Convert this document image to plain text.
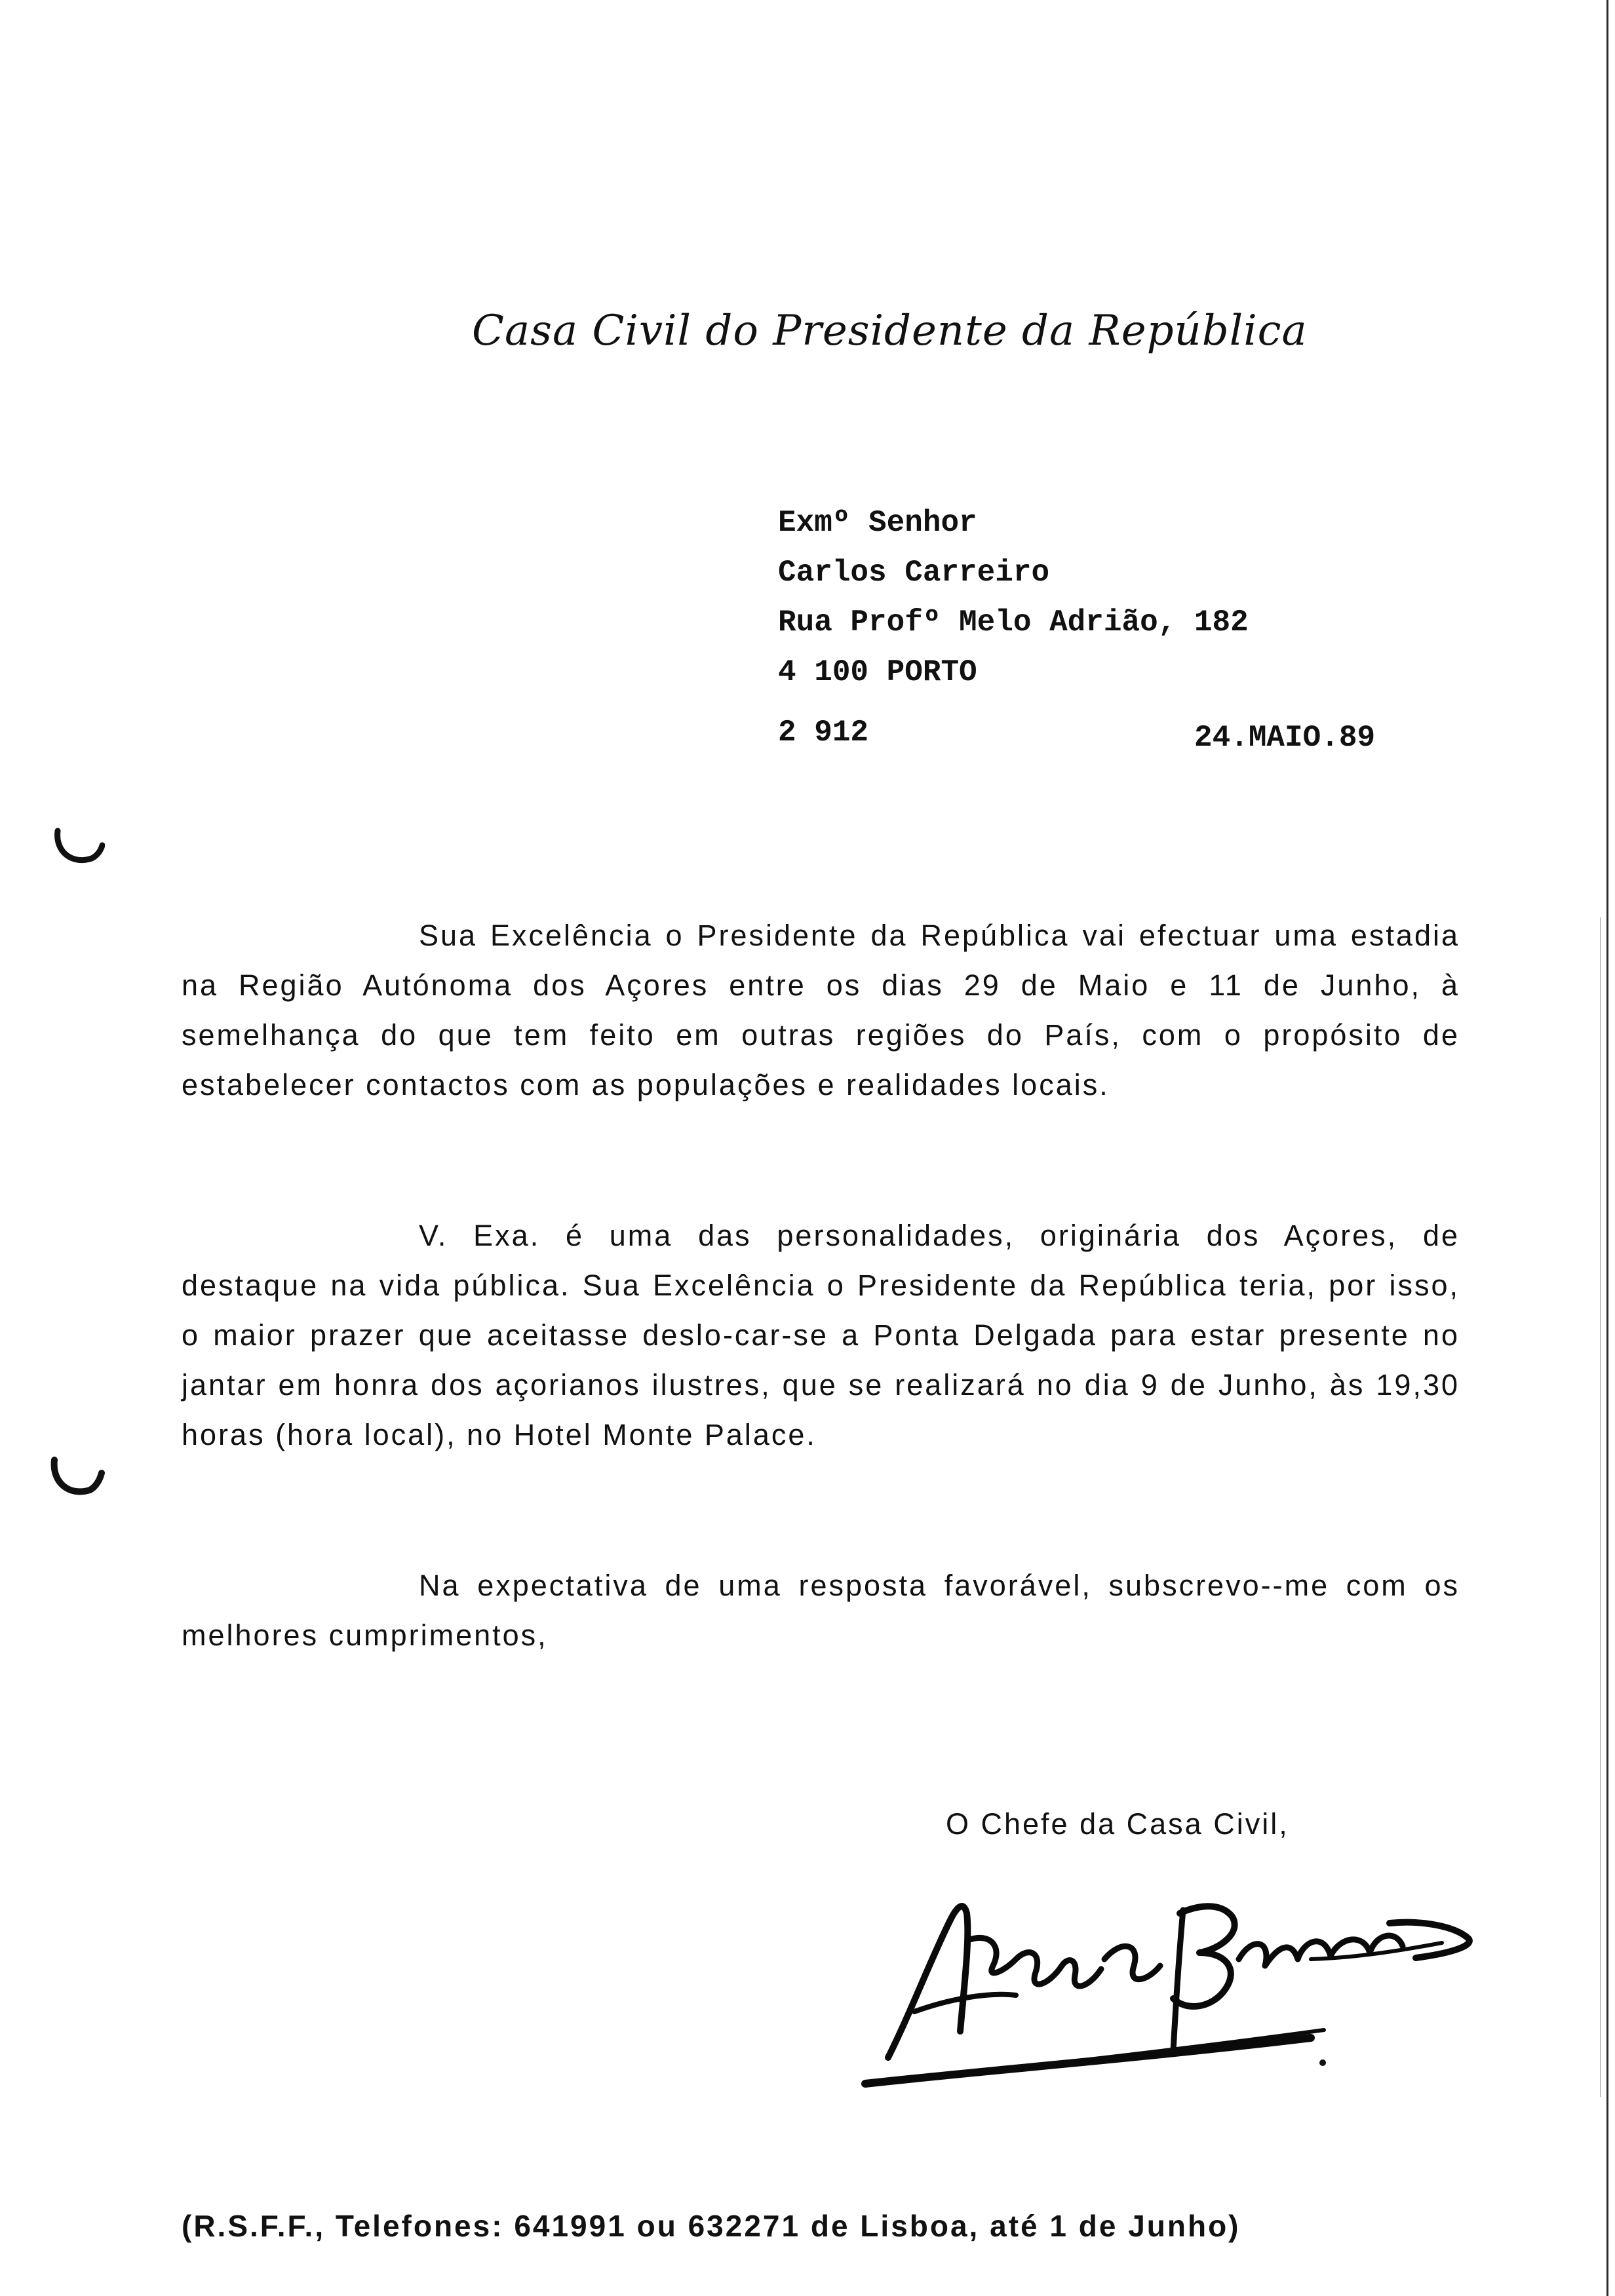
Casa Civil do Presidente da República
Exmº Senhor
Carlos Carreiro
Rua Profº Melo Adrião, 182
4 100 PORTO
2 912	24.MAIO.89
Sua Excelência o Presidente da República vai efectuar uma estadia na Região Autónoma dos Açores entre os dias 29 de Maio e 11 de Junho, à semelhança do que tem feito em outras regiões do País, com o propósito de estabelecer contactos com as populações e realidades locais.
V. Exa. é uma das personalidades, originária dos Açores, de destaque na vida pública. Sua Excelência o Presidente da República teria, por isso, o maior prazer que aceitasse deslo-car-se a Ponta Delgada para estar presente no jantar em honra dos açorianos ilustres, que se realizará no dia 9 de Junho, às 19,30 horas (hora local), no Hotel Monte Palace.
Na expectativa de uma resposta favorável, subscrevo--me com os melhores cumprimentos,
O Chefe da Casa Civil,
(R.S.F.F., Telefones: 641991 ou 632271 de Lisboa, até 1 de Junho)
